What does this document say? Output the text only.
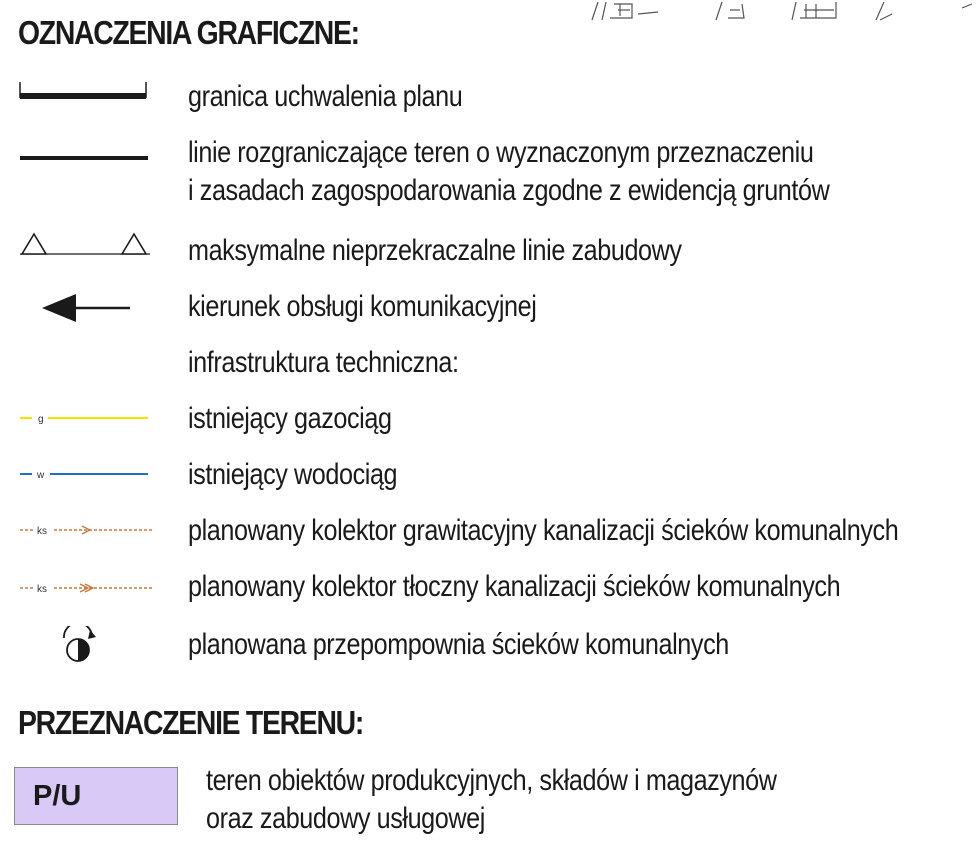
OZNACZENIA GRAFICZNE:
granica uchwalenia planu
linie rozgraniczające teren o wyznaczonym przeznaczeniu
i zasadach zagospodarowania zgodne z ewidencją gruntów
maksymalne nieprzekraczalne linie zabudowy
kierunek obsługi komunikacyjnej
infrastruktura techniczna:
g	istniejący gazociąg
w	istniejący wodociąg
ks	planowany kolektor grawitacyjny kanalizacji ścieków komunalnych
ks	planowany kolektor tłoczny kanalizacji ścieków komunalnych
planowana przepompownia ścieków komunalnych
PRZEZNACZENIE TERENU:
P/U	teren obiektów produkcyjnych, składów i magazynów
oraz zabudowy usługowej
